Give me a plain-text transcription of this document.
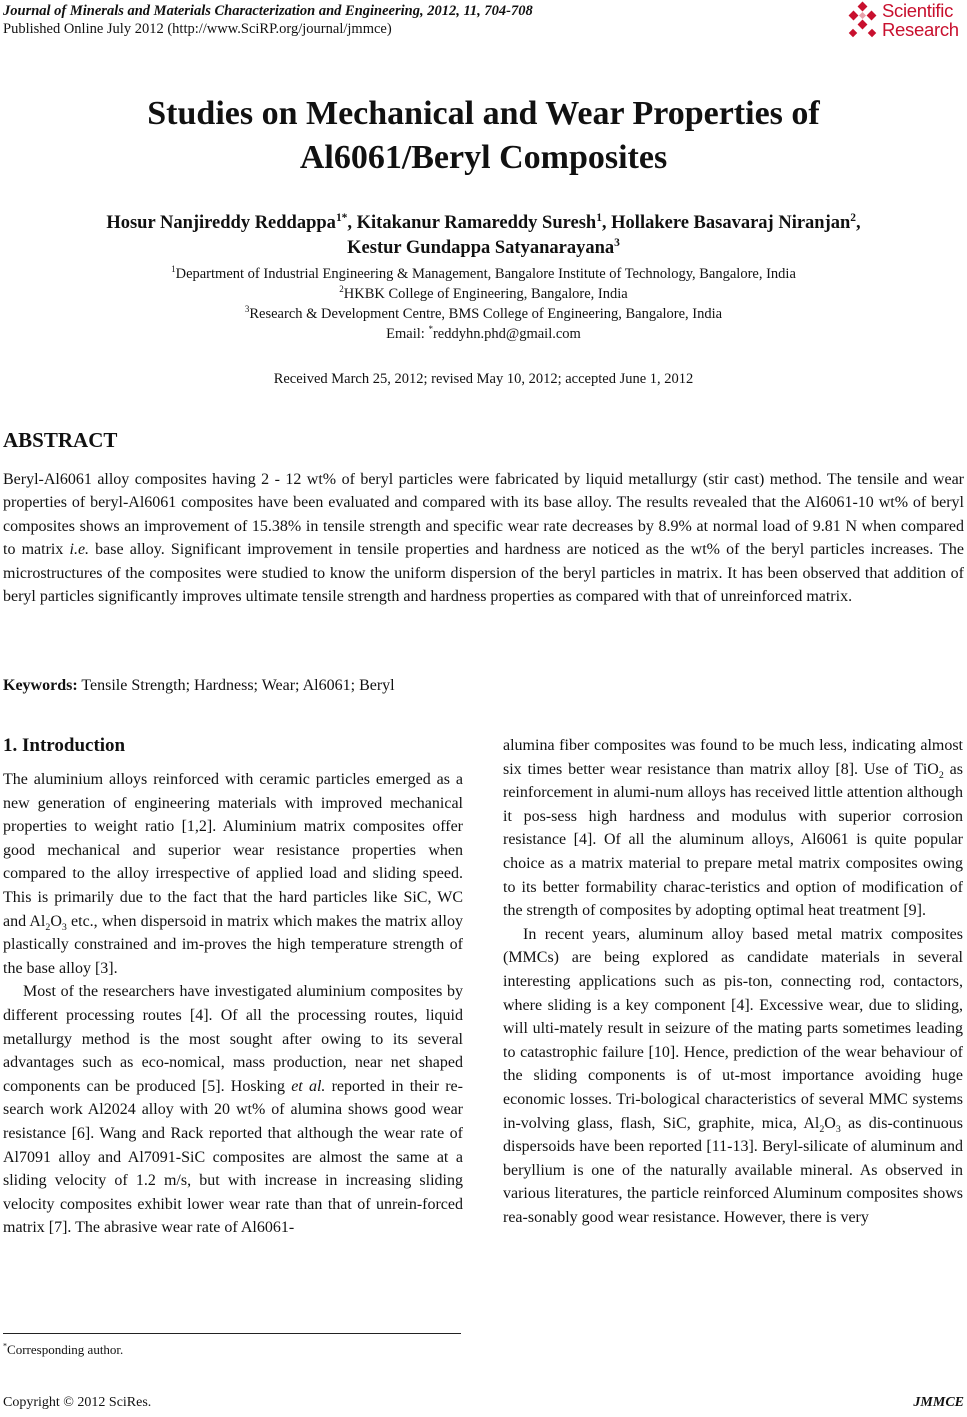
Journal of Minerals and Materials Characterization and Engineering, 2012, 11, 704-708
Published Online July 2012 (http://www.SciRP.org/journal/jmmce)
Scientific
Research
Studies on Mechanical and Wear Properties of
Al6061/Beryl Composites
Hosur Nanjireddy Reddappa$^{1*}$, Kitakanur Ramareddy Suresh$^1$, Hollakere Basavaraj Niranjan$^2$,
Kestur Gundappa Satyanarayana$^3$
$^1$Department of Industrial Engineering & Management, Bangalore Institute of Technology, Bangalore, India
$^2$HKBK College of Engineering, Bangalore, India
$^3$Research & Development Centre, BMS College of Engineering, Bangalore, India
Email: *reddyhn.phd@gmail.com
Received March 25, 2012; revised May 10, 2012; accepted June 1, 2012
ABSTRACT
Beryl-Al6061 alloy composites having 2 - 12 wt% of beryl particles were fabricated by liquid metallurgy (stir cast) method. The tensile and wear properties of beryl-Al6061 composites have been evaluated and compared with its base alloy. The results revealed that the Al6061-10 wt% of beryl composites shows an improvement of 15.38% in tensile strength and specific wear rate decreases by 8.9% at normal load of 9.81 N when compared to matrix i.e. base alloy. Significant improvement in tensile properties and hardness are noticed as the wt% of the beryl particles increases. The microstructures of the composites were studied to know the uniform dispersion of the beryl particles in matrix. It has been observed that addition of beryl particles significantly improves ultimate tensile strength and hardness properties as compared with that of unreinforced matrix.
Keywords: Tensile Strength; Hardness; Wear; Al6061; Beryl
1. Introduction

The aluminium alloys reinforced with ceramic particles emerged as a new generation of engineering materials with improved mechanical properties to weight ratio [1,2]. Aluminium matrix composites offer good mechanical and superior wear resistance properties when compared to the alloy irrespective of applied load and sliding speed. This is primarily due to the fact that the hard particles like SiC, WC and $Al_2O_3$ etc., when dispersoid in matrix which makes the matrix alloy plastically constrained and im-proves the high temperature strength of the base alloy [3].

Most of the researchers have investigated aluminium composites by different processing routes [4]. Of all the processing routes, liquid metallurgy method is the most sought after owing to its several advantages such as eco-nomical, mass production, near net shaped components can be produced [5]. Hosking et al. reported in their re-search work Al2024 alloy with 20 wt% of alumina shows good wear resistance [6]. Wang and Rack reported that although the wear rate of Al7091 alloy and Al7091-SiC composites are almost the same at a sliding velocity of 1.2 m/s, but with increase in increasing sliding velocity composites exhibit lower wear rate than that of unrein-forced matrix [7]. The abrasive wear rate of Al6061-

alumina fiber composites was found to be much less, indicating almost six times better wear resistance than matrix alloy [8]. Use of TiO$_2$ as reinforcement in alumi-num alloys has received little attention although it pos-sess high hardness and modulus with superior corrosion resistance [4]. Of all the aluminum alloys, Al6061 is quite popular choice as a matrix material to prepare metal matrix composites owing to its better formability charac-teristics and option of modification of the strength of composites by adopting optimal heat treatment [9].

In recent years, aluminum alloy based metal matrix composites (MMCs) are being explored as candidate materials in several interesting applications such as pis-ton, connecting rod, contactors, where sliding is a key component [4]. Excessive wear, due to sliding, will ulti-mately result in seizure of the mating parts sometimes leading to catastrophic failure [10]. Hence, prediction of the wear behaviour of the sliding components is of ut-most importance avoiding huge economic losses. Tri-bological characteristics of several MMC systems in-volving glass, flash, SiC, graphite, mica, $Al_2O_3$ as dis-continuous dispersoids have been reported [11-13]. Beryl-silicate of aluminum and beryllium is one of the naturally available mineral. As observed in various literatures, the particle reinforced Aluminum composites shows rea-sonably good wear resistance. However, there is very

*Corresponding author.
Copyright © 2012 SciRes.	JMMCE
